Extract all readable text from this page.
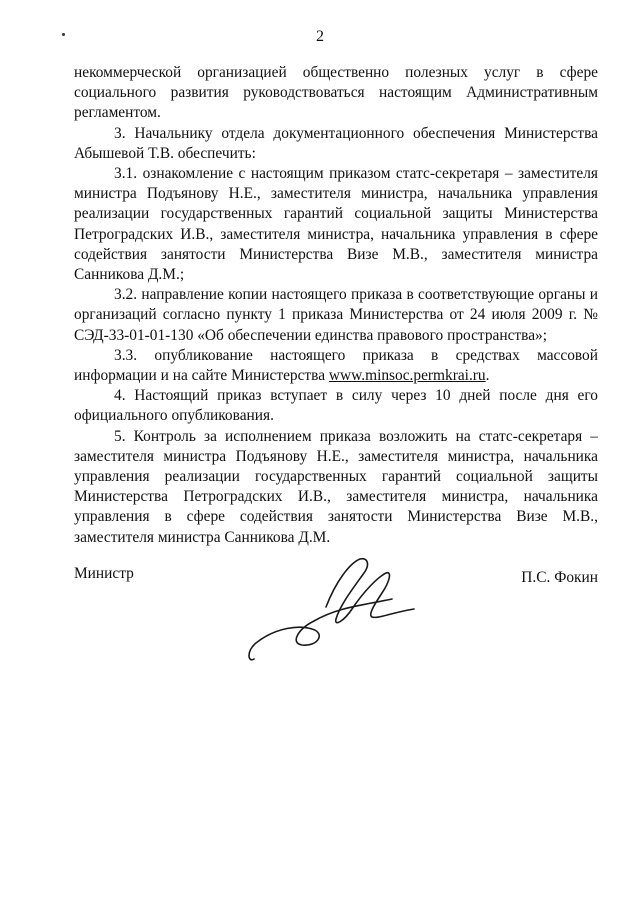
2

некоммерческой организацией общественно полезных услуг в сфере социального развития руководствоваться настоящим Административным регламентом.

3. Начальнику отдела документационного обеспечения Министерства Абышевой Т.В. обеспечить:

3.1. ознакомление с настоящим приказом статс-секретаря – заместителя министра Подъянову Н.Е., заместителя министра, начальника управления реализации государственных гарантий социальной защиты Министерства Петроградских И.В., заместителя министра, начальника управления в сфере содействия занятости Министерства Визе М.В., заместителя министра Санникова Д.М.;

3.2. направление копии настоящего приказа в соответствующие органы и организаций согласно пункту 1 приказа Министерства от 24 июля 2009 г. № СЭД-33-01-01-130 «Об обеспечении единства правового пространства»;

3.3. опубликование настоящего приказа в средствах массовой информации и на сайте Министерства www.minsoc.permkrai.ru.

4. Настоящий приказ вступает в силу через 10 дней после дня его официального опубликования.

5. Контроль за исполнением приказа возложить на статс-секретаря – заместителя министра Подъянову Н.Е., заместителя министра, начальника управления реализации государственных гарантий социальной защиты Министерства Петроградских И.В., заместителя министра, начальника управления в сфере содействия занятости Министерства Визе М.В., заместителя министра Санникова Д.М.

Министр	П.С. Фокин
